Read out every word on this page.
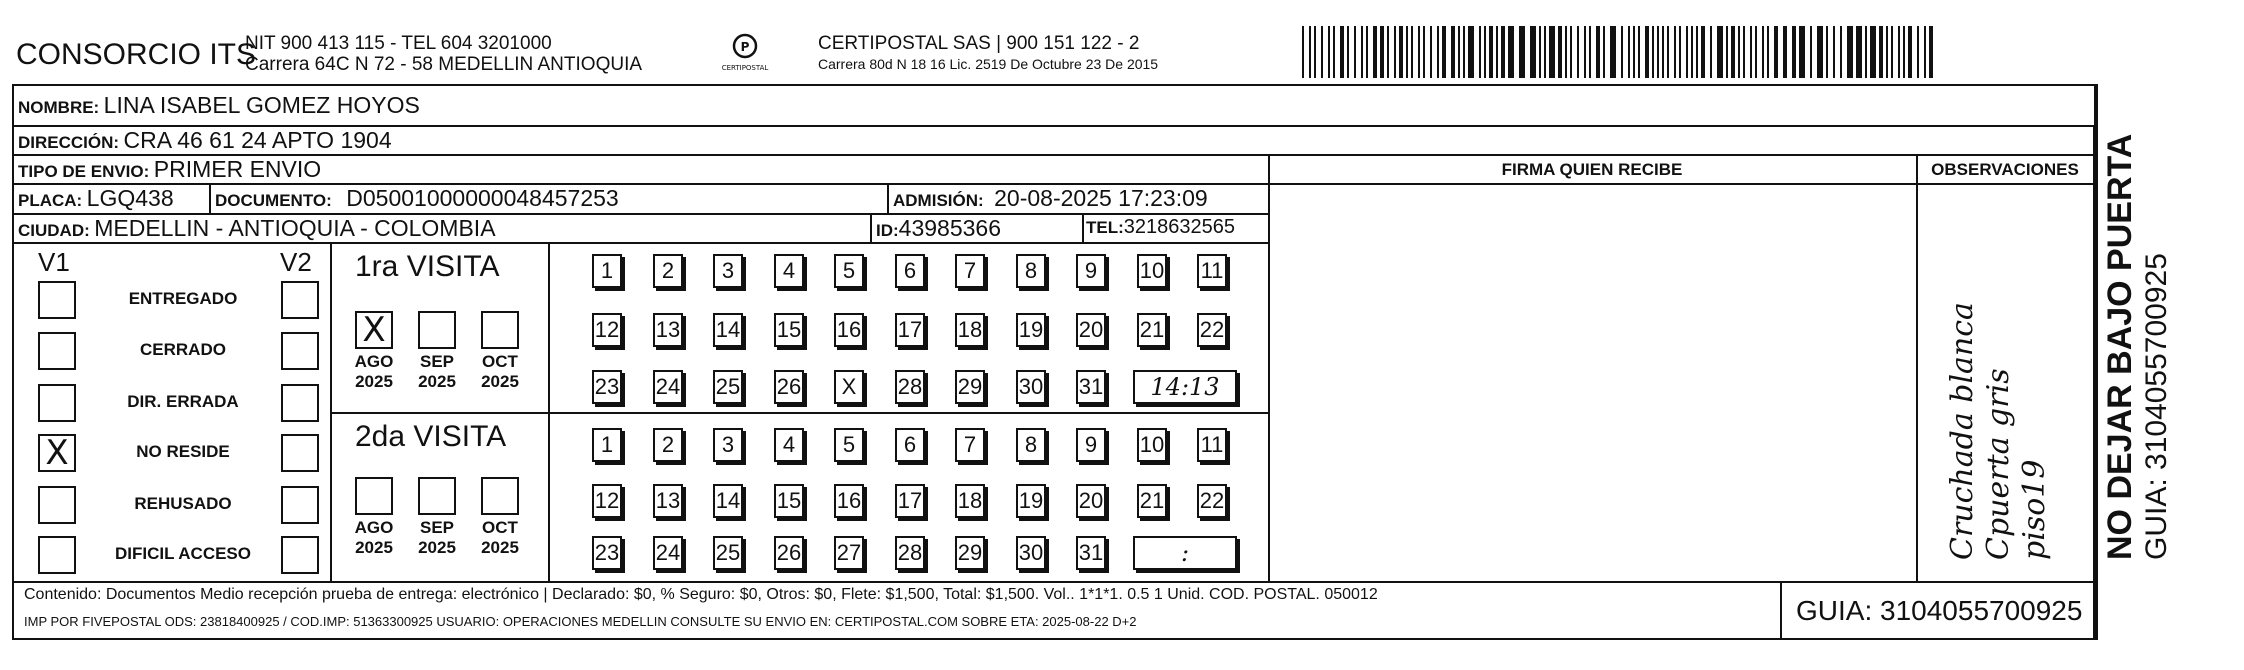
CONSORCIO ITS
NIT 900 413 115 - TEL 604 3201000
Carrera 64C N 72 - 58 MEDELLIN ANTIOQUIA
P
CERTIPOSTAL
CERTIPOSTAL SAS | 900 151 122 - 2
Carrera 80d N 18 16 Lic. 2519 De Octubre 23 De 2015
NOMBRE: LINA ISABEL GOMEZ HOYOS
DIRECCIÓN: CRA 46 61 24 APTO 1904
TIPO DE ENVIO: PRIMER ENVIO	FIRMA QUIEN RECIBE	OBSERVACIONES
PLACA: LGQ438 DOCUMENTO: D05001000000048457253	ADMISIÓN: 20-08-2025 17:23:09
CIUDAD: MEDELLIN - ANTIOQUIA - COLOMBIA	ID:43985366	TEL:3218632565
V1	V2
ENTREGADO
CERRADO
DIR. ERRADA
X	NO RESIDE
REHUSADO
DIFICIL ACCESO
1ra VISITA
X
AGO
2025
SEP
2025
OCT
2025
1	2	3	4	5	6	7	8	9	10 11
12 13 14 15 16 17 18 19 20 21 22
23 24 25 26	X	28 29 30 31	14:13
2da VISITA
AGO
2025
SEP
2025
OCT
2025
1	2	3	4	5	6	7	8	9	10 11
12 13 14 15 16 17 18 19 20 21 22
23 24 25 26 27 28 29 30 31	:	Cruchada blanca Cpuerta gris piso19 NO DEJAR BAJO PUERTA GUIA: 3104055700925
Contenido: Documentos Medio recepción prueba de entrega: electrónico | Declarado: $0, % Seguro: $0, Otros: $0, Flete: $1,500, Total: $1,500. Vol.. 1*1*1. 0.5 1 Unid. COD. POSTAL. 050012
IMP POR FIVEPOSTAL ODS: 23818400925 / COD.IMP: 51363300925 USUARIO: OPERACIONES MEDELLIN CONSULTE SU ENVIO EN: CERTIPOSTAL.COM SOBRE ETA: 2025-08-22 D+2	GUIA: 3104055700925
